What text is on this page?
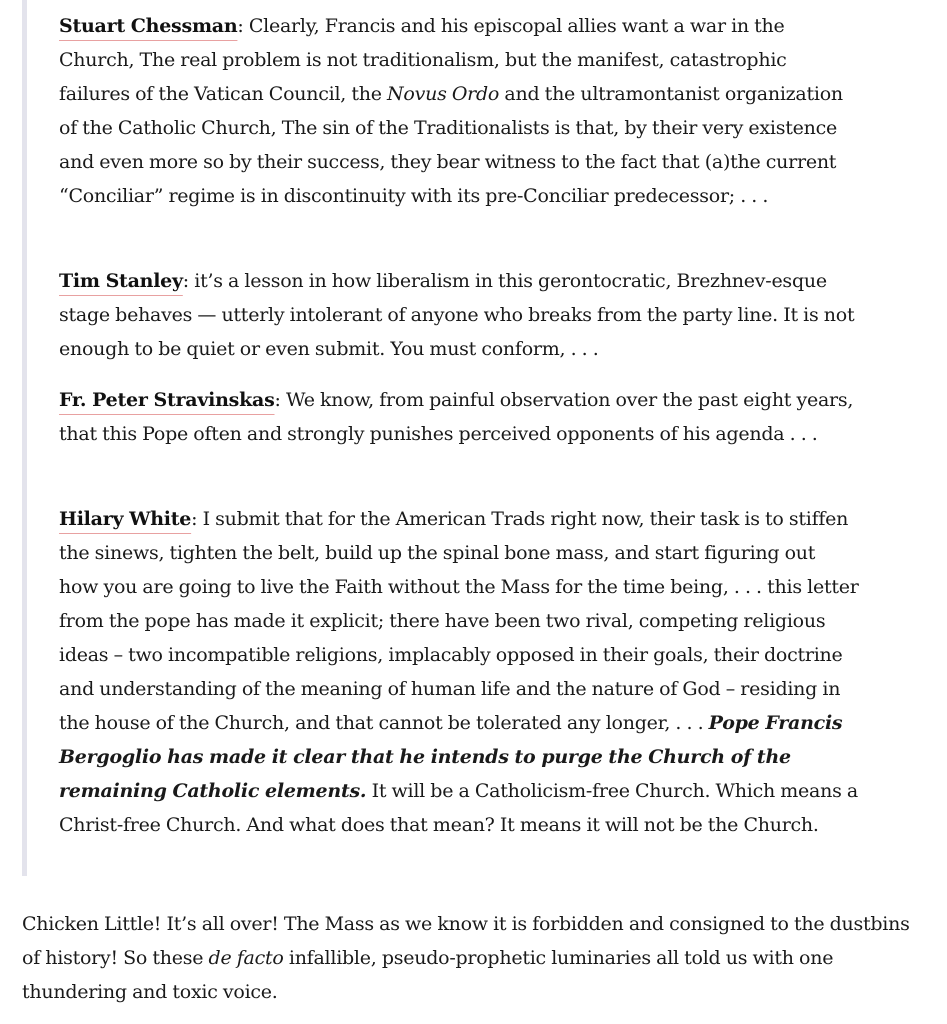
Stuart Chessman: Clearly, Francis and his episcopal allies want a war in the Church, The real problem is not traditionalism, but the manifest, catastrophic failures of the Vatican Council, the Novus Ordo and the ultramontanist organization of the Catholic Church, The sin of the Traditionalists is that, by their very existence and even more so by their success, they bear witness to the fact that (a)the current “Conciliar” regime is in discontinuity with its pre-Conciliar predecessor; . . .

Tim Stanley: it’s a lesson in how liberalism in this gerontocratic, Brezhnev-esque stage behaves — utterly intolerant of anyone who breaks from the party line. It is not enough to be quiet or even submit. You must conform, . . .

Fr. Peter Stravinskas: We know, from painful observation over the past eight years, that this Pope often and strongly punishes perceived opponents of his agenda . . .

Hilary White: I submit that for the American Trads right now, their task is to stiffen the sinews, tighten the belt, build up the spinal bone mass, and start figuring out how you are going to live the Faith without the Mass for the time being, . . . this letter from the pope has made it explicit; there have been two rival, competing religious ideas – two incompatible religions, implacably opposed in their goals, their doctrine and understanding of the meaning of human life and the nature of God – residing in the house of the Church, and that cannot be tolerated any longer, . . . Pope Francis Bergoglio has made it clear that he intends to purge the Church of the remaining Catholic elements. It will be a Catholicism-free Church. Which means a Christ-free Church. And what does that mean? It means it will not be the Church.

Chicken Little! It’s all over! The Mass as we know it is forbidden and consigned to the dustbins of history! So these de facto infallible, pseudo-prophetic luminaries all told us with one thundering and toxic voice.
